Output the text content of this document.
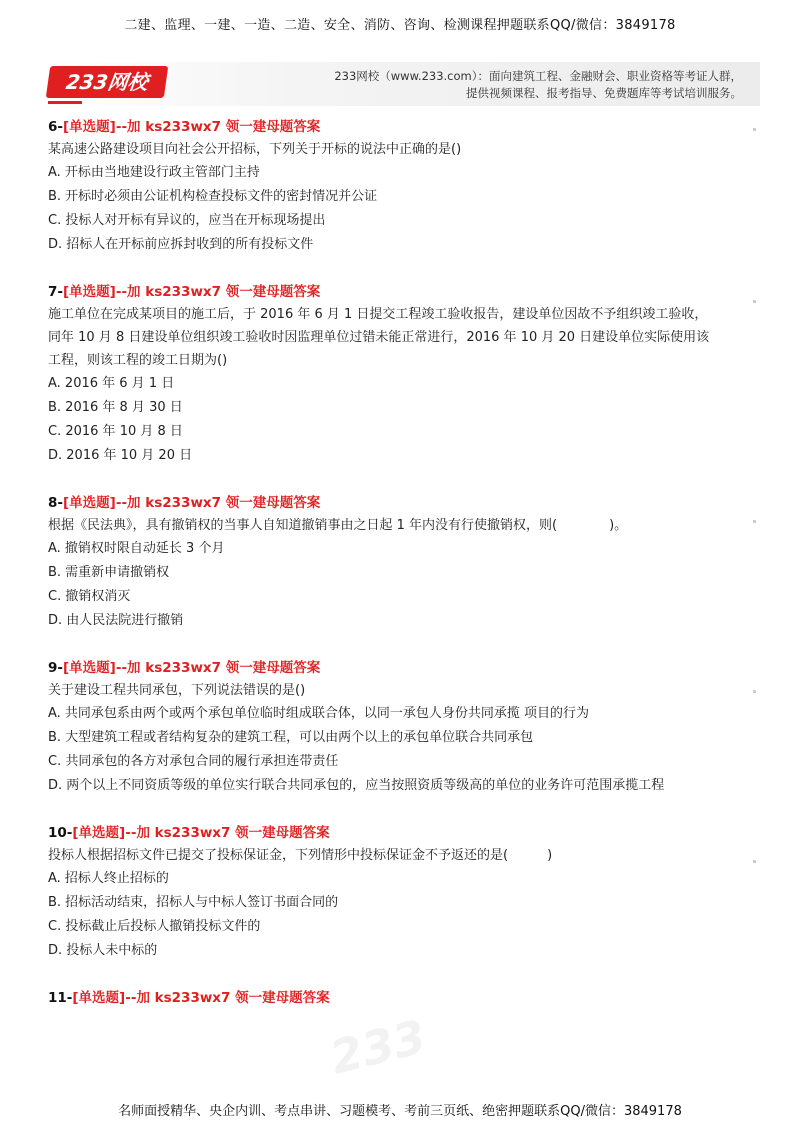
二建、监理、一建、一造、二造、安全、消防、咨询、检测课程押题联系QQ/微信：3849178
233网校	233网校（www.233.com）：面向建筑工程、金融财会、职业资格等考证人群，
提供视频课程、报考指导、免费题库等考试培训服务。
6-[单选题]--加 ks233wx7 领一建母题答案
某高速公路建设项目向社会公开招标，下列关于开标的说法中正确的是()
A. 开标由当地建设行政主管部门主持
B. 开标时必须由公证机构检查投标文件的密封情况并公证
C. 投标人对开标有异议的，应当在开标现场提出
D. 招标人在开标前应拆封收到的所有投标文件
7-[单选题]--加 ks233wx7 领一建母题答案
施工单位在完成某项目的施工后，于 2016 年 6 月 1 日提交工程竣工验收报告，建设单位因故不予组织竣工验收，
同年 10 月 8 日建设单位组织竣工验收时因监理单位过错未能正常进行，2016 年 10 月 20 日建设单位实际使用该
工程，则该工程的竣工日期为()
A. 2016 年 6 月 1 日
B. 2016 年 8 月 30 日
C. 2016 年 10 月 8 日
D. 2016 年 10 月 20 日
8-[单选题]--加 ks233wx7 领一建母题答案
根据《民法典》，具有撤销权的当事人自知道撤销事由之日起 1 年内没有行使撤销权，则(　　　　)。
A. 撤销权时限自动延长 3 个月
B. 需重新申请撤销权
C. 撤销权消灭
D. 由人民法院进行撤销
9-[单选题]--加 ks233wx7 领一建母题答案
关于建设工程共同承包，下列说法错误的是()
A. 共同承包系由两个或两个承包单位临时组成联合体，以同一承包人身份共同承揽 项目的行为
B. 大型建筑工程或者结构复杂的建筑工程，可以由两个以上的承包单位联合共同承包
C. 共同承包的各方对承包合同的履行承担连带责任
D. 两个以上不同资质等级的单位实行联合共同承包的，应当按照资质等级高的单位的业务许可范围承揽工程
10-[单选题]--加 ks233wx7 领一建母题答案
投标人根据招标文件已提交了投标保证金，下列情形中投标保证金不予返还的是(　　　)
A. 招标人终止招标的
B. 招标活动结束，招标人与中标人签订书面合同的
C. 投标截止后投标人撤销投标文件的
D. 投标人未中标的
11-[单选题]--加 ks233wx7 领一建母题答案
233
名师面授精华、央企内训、考点串讲、习题模考、考前三页纸、绝密押题联系QQ/微信：3849178
